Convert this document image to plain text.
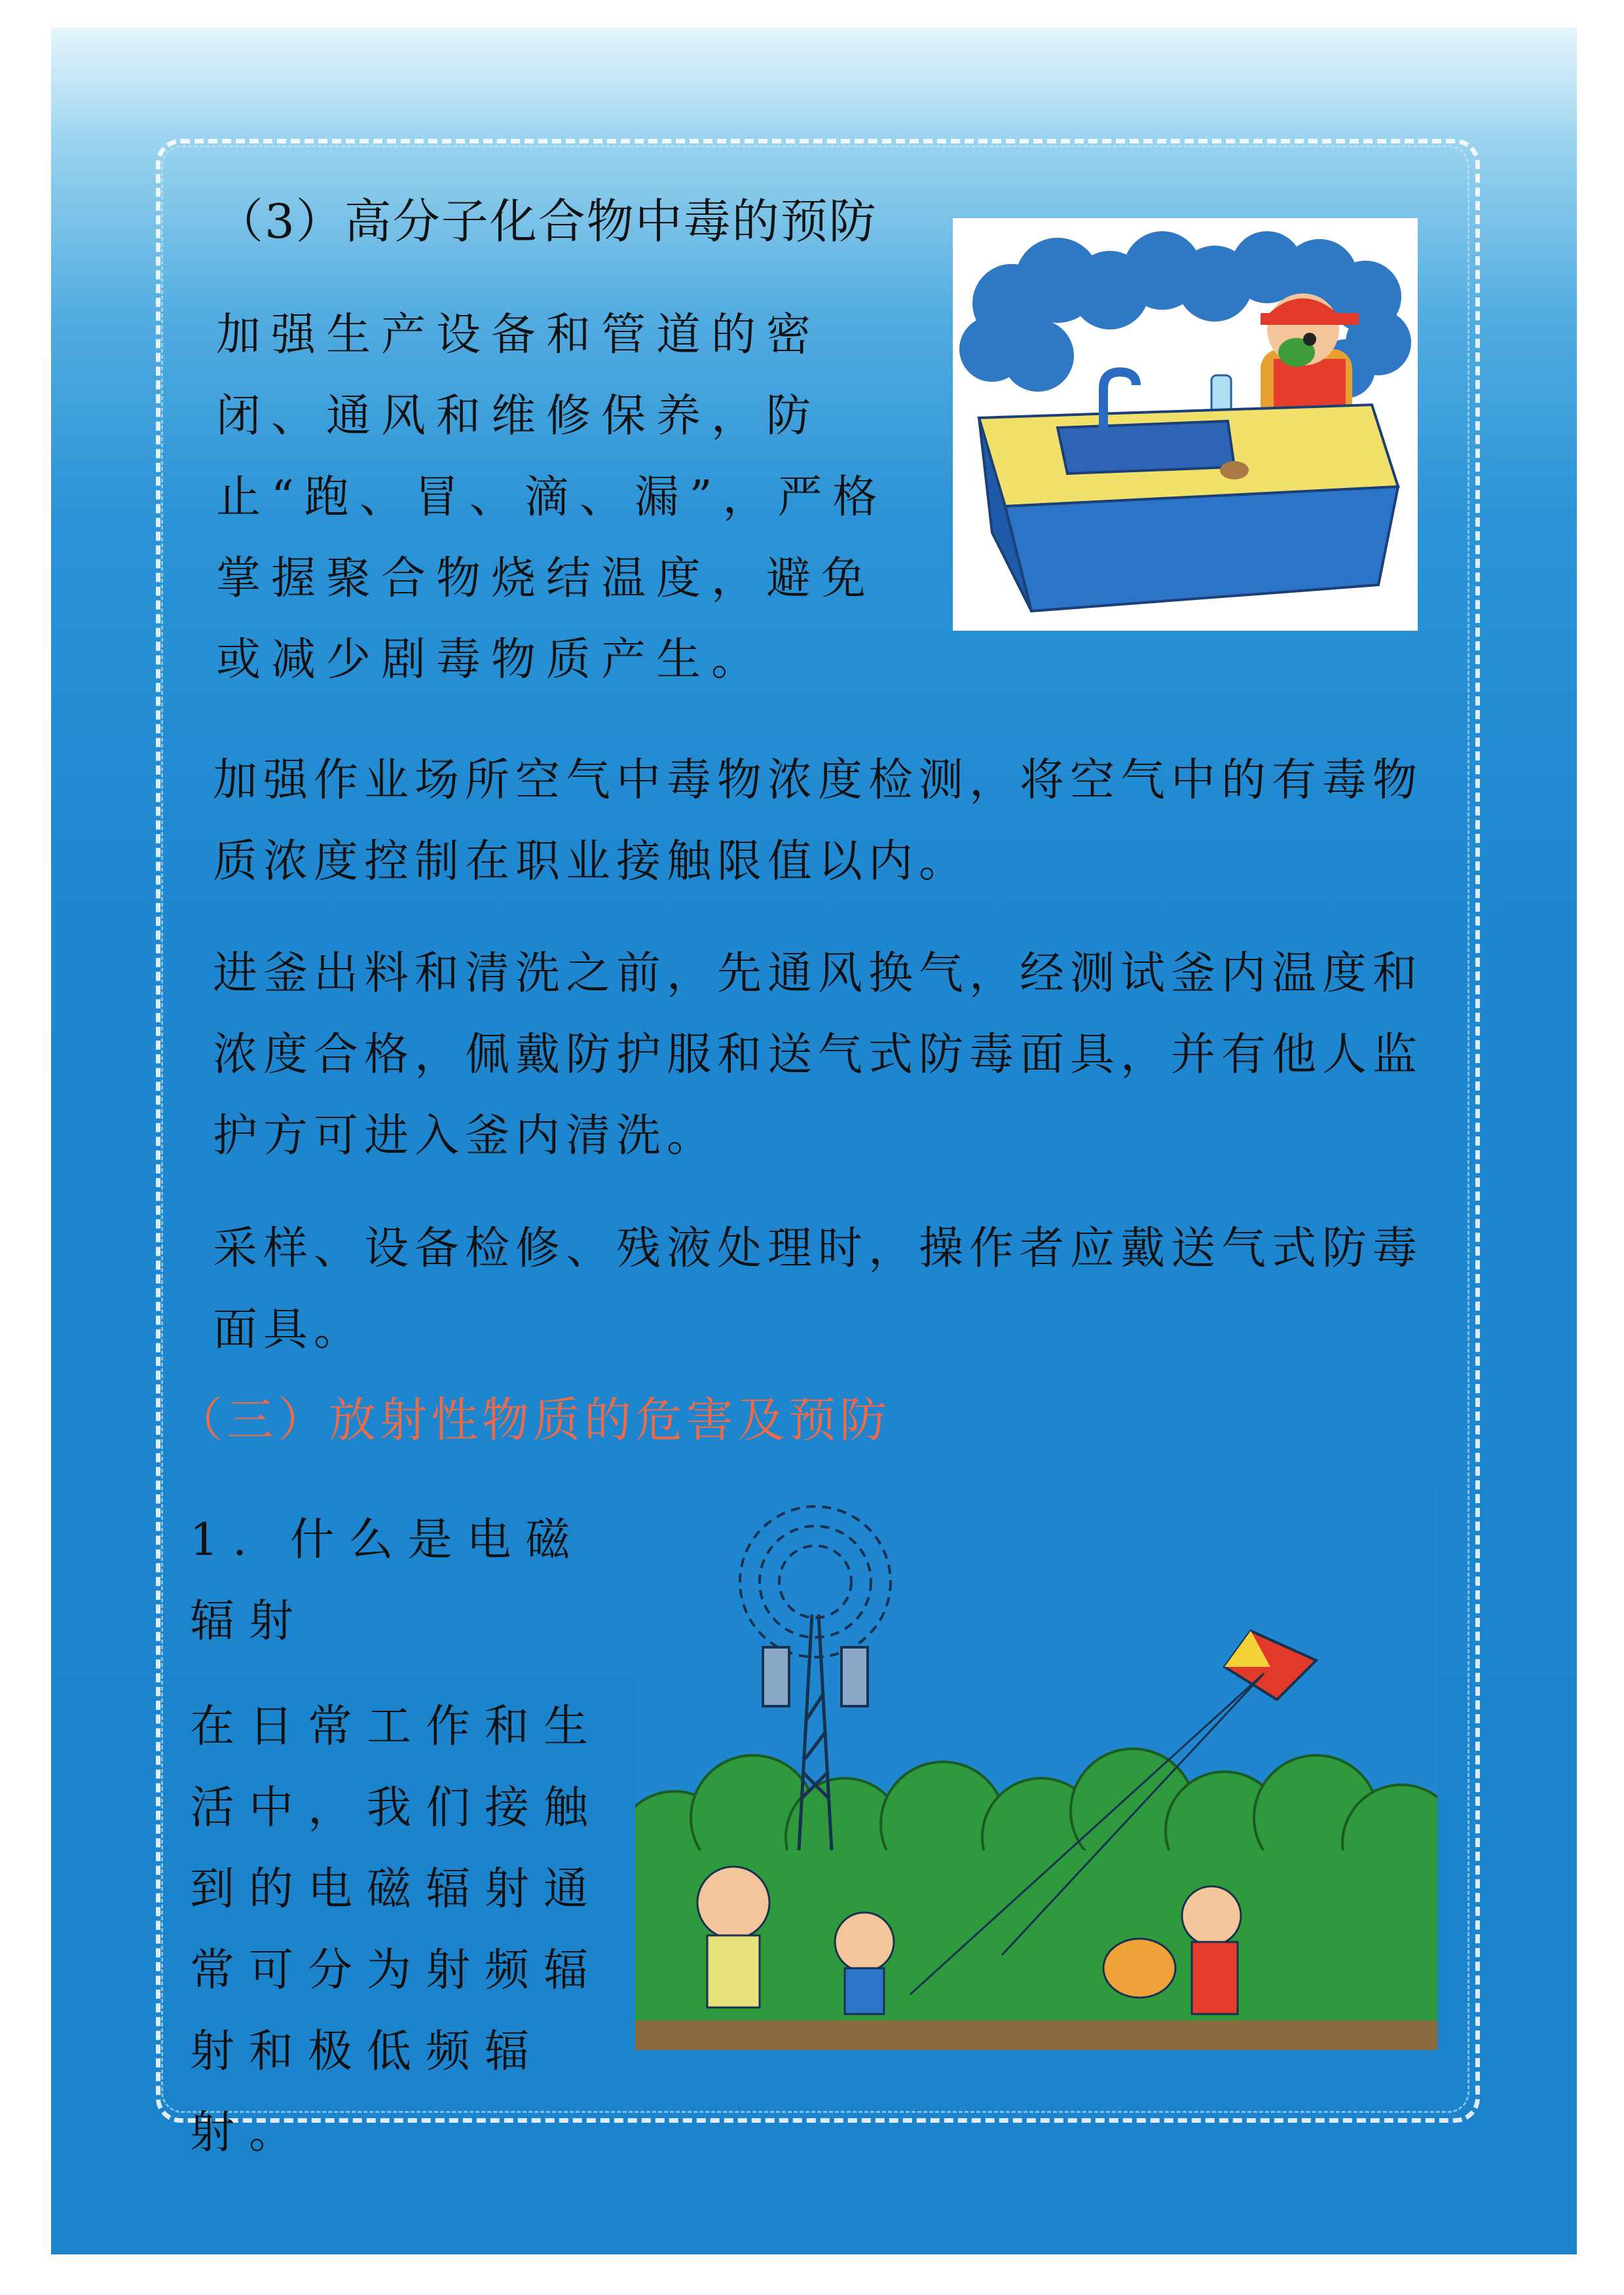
（3）高分子化合物中毒的预防
加强生产设备和管道的密闭、通风和维修保养，防止“跑、冒、滴、漏”，严格掌握聚合物烧结温度，避免或减少剧毒物质产生。
加强作业场所空气中毒物浓度检测，将空气中的有毒物质浓度控制在职业接触限值以内。
进釜出料和清洗之前，先通风换气，经测试釜内温度和浓度合格，佩戴防护服和送气式防毒面具，并有他人监护方可进入釜内清洗。
采样、设备检修、残液处理时，操作者应戴送气式防毒面具。
（三）放射性物质的危害及预防
1. 什么是电磁辐射
在日常工作和生活中，我们接触到的电磁辐射通常可分为射频辐射和极低频辐射。
